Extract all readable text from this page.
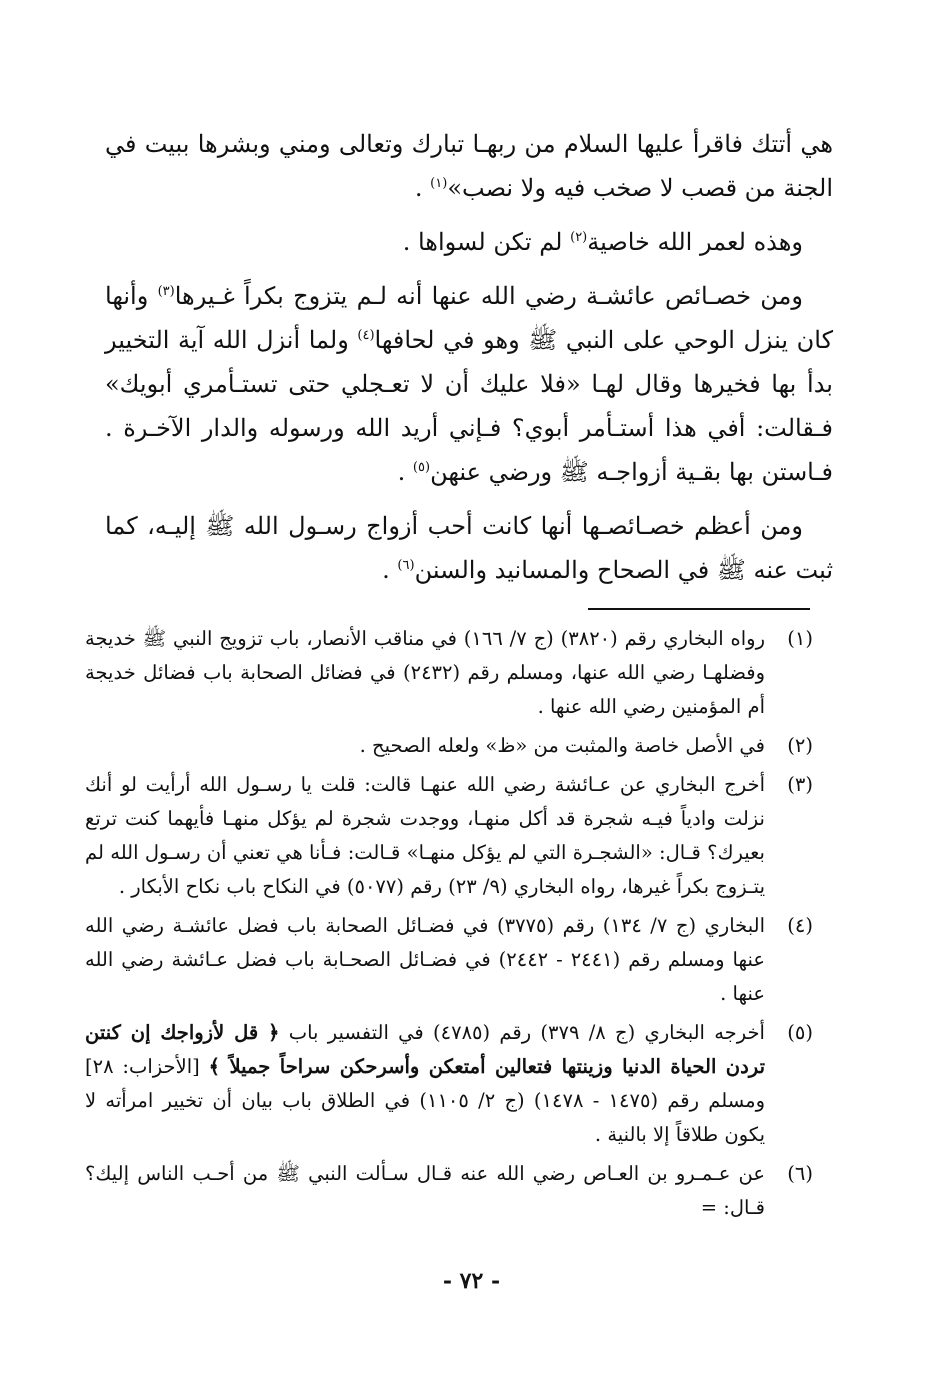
هي أتتك فاقرأ عليها السلام من ربهـا تبارك وتعالى ومني وبشرها ببيت في الجنة من قصب لا صخب فيه ولا نصب»$^{(١)}$ .

وهذه لعمر الله خاصية$^{(٢)}$ لم تكن لسواها .

ومن خصـائص عائشـة رضي الله عنها أنه لـم يتزوج بكراً غـيرها$^{(٣)}$ وأنها كان ينزل الوحي على النبي ﷺ وهو في لحافها$^{(٤)}$ ولما أنزل الله آية التخيير بدأ بها فخيرها وقال لهـا «فلا عليك أن لا تعـجلي حتى تستـأمري أبويك» فـقالت: أفي هذا أستـأمر أبوي؟ فـإني أريد الله ورسوله والدار الآخـرة . فـاستن بها بقـية أزواجـه ﷺ ورضي عنهن$^{(٥)}$ .

ومن أعظم خصـائصـها أنها كانت أحب أزواج رسـول الله ﷺ إليـه، كما ثبت عنه ﷺ في الصحاح والمسانيد والسنن$^{(٦)}$ .

(١)
رواه البخاري رقم (٣٨٢٠) (ج ٧/ ١٦٦) في مناقب الأنصار، باب تزويج النبي ﷺ خديجة وفضلهـا رضي الله عنها، ومسلم رقم (٢٤٣٢) في فضائل الصحابة باب فضائل خديجة أم المؤمنين رضي الله عنها .
(٢)
في الأصل خاصة والمثبت من «ظ» ولعله الصحيح .
(٣)
أخرج البخاري عن عـائشة رضي الله عنهـا قالت: قلت يا رسـول الله أرأيت لو أنك نزلت وادياً فيـه شجرة قد أكل منهـا، ووجدت شجرة لم يؤكل منهـا فأيهما كنت ترتع بعيرك؟ قـال: «الشجـرة التي لم يؤكل منهـا» قـالت: فـأنا هي تعني أن رسـول الله لم يتـزوج بكراً غيرها، رواه البخاري (٩/ ٢٣) رقم (٥٠٧٧) في النكاح باب نكاح الأبكار .
(٤)
البخاري (ج ٧/ ١٣٤) رقم (٣٧٧٥) في فضـائل الصحابة باب فضل عائشـة رضي الله عنها ومسلم رقم (٢٤٤١ - ٢٤٤٢) في فضـائل الصحـابة باب فضل عـائشة رضي الله عنها .
(٥)
أخرجه البخاري (ج ٨/ ٣٧٩) رقم (٤٧٨٥) في التفسير باب ﴿ قل لأزواجك إن كنتن تردن الحياة الدنيا وزينتها فتعالين أمتعكن وأسرحكن سراحاً جميلاً ﴾ [الأحزاب: ٢٨] ومسلم رقم (١٤٧٥ - ١٤٧٨) (ج ٢/ ١١٠٥) في الطلاق باب بيان أن تخيير امرأته لا يكون طلاقاً إلا بالنية .
(٦)
عن عـمـرو بن العـاص رضي الله عنه قـال سـألت النبي ﷺ من أحـب الناس إليك؟ قـال: =
- ٧٢ -
